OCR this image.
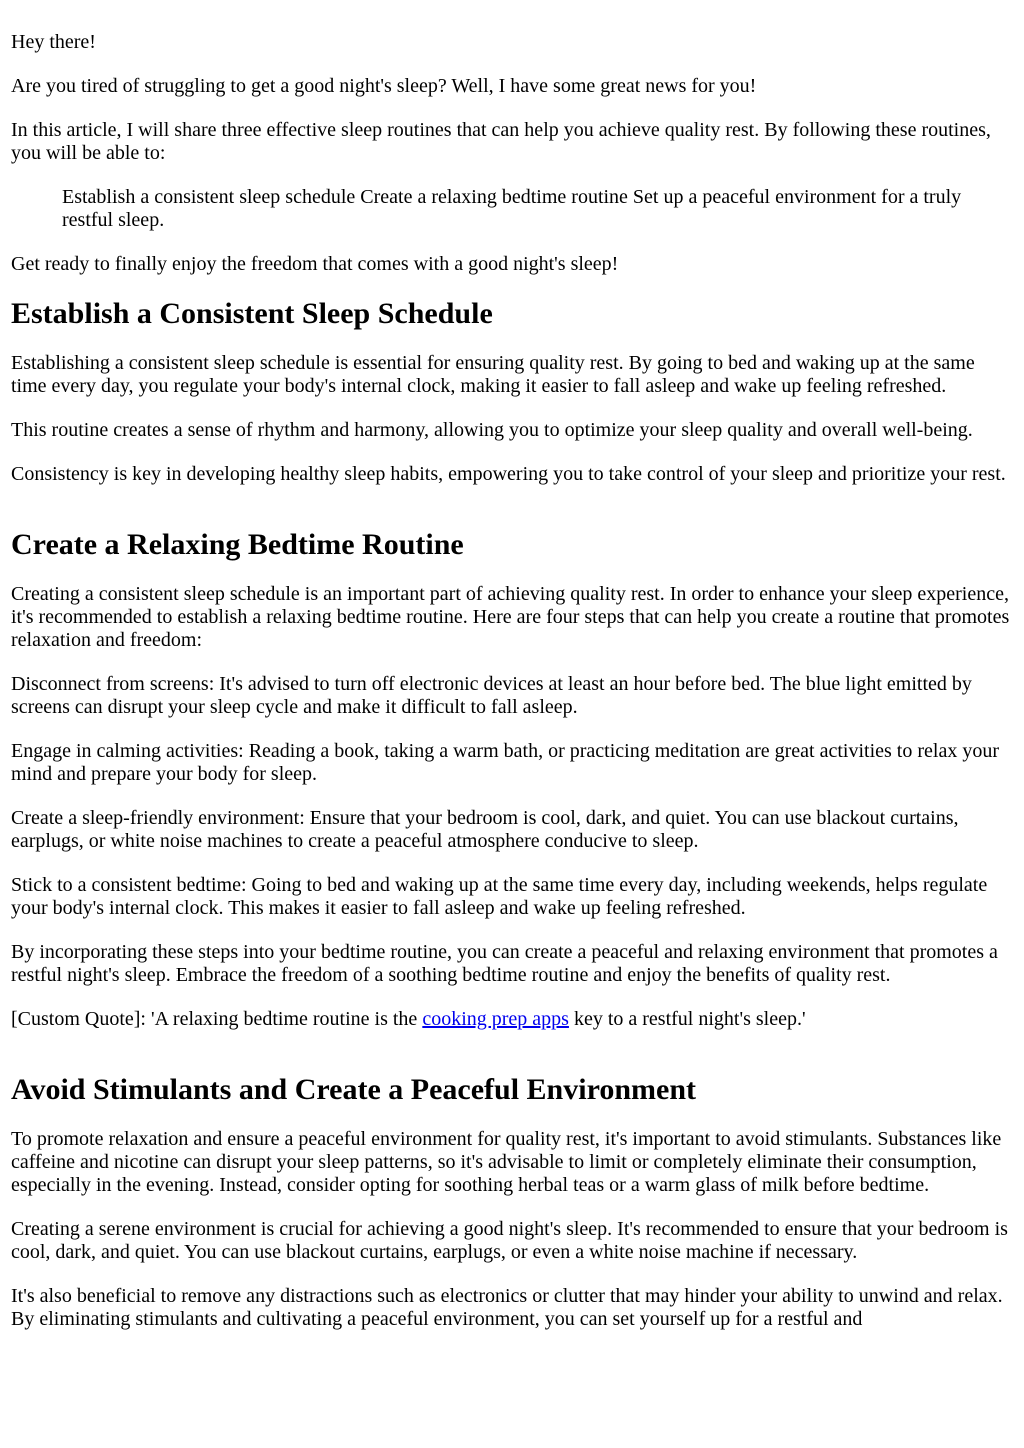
Hey there!

Are you tired of struggling to get a good night's sleep? Well, I have some great news for you!

In this article, I will share three effective sleep routines that can help you achieve quality rest. By following these routines, you will be able to:

Establish a consistent sleep schedule Create a relaxing bedtime routine Set up a peaceful environment for a truly restful sleep.

Get ready to finally enjoy the freedom that comes with a good night's sleep!

Establish a Consistent Sleep Schedule

Establishing a consistent sleep schedule is essential for ensuring quality rest. By going to bed and waking up at the same time every day, you regulate your body's internal clock, making it easier to fall asleep and wake up feeling refreshed.

This routine creates a sense of rhythm and harmony, allowing you to optimize your sleep quality and overall well-being.

Consistency is key in developing healthy sleep habits, empowering you to take control of your sleep and prioritize your rest.

Create a Relaxing Bedtime Routine

Creating a consistent sleep schedule is an important part of achieving quality rest. In order to enhance your sleep experience, it's recommended to establish a relaxing bedtime routine. Here are four steps that can help you create a routine that promotes relaxation and freedom:

Disconnect from screens: It's advised to turn off electronic devices at least an hour before bed. The blue light emitted by screens can disrupt your sleep cycle and make it difficult to fall asleep.

Engage in calming activities: Reading a book, taking a warm bath, or practicing meditation are great activities to relax your mind and prepare your body for sleep.

Create a sleep-friendly environment: Ensure that your bedroom is cool, dark, and quiet. You can use blackout curtains, earplugs, or white noise machines to create a peaceful atmosphere conducive to sleep.

Stick to a consistent bedtime: Going to bed and waking up at the same time every day, including weekends, helps regulate your body's internal clock. This makes it easier to fall asleep and wake up feeling refreshed.

By incorporating these steps into your bedtime routine, you can create a peaceful and relaxing environment that promotes a restful night's sleep. Embrace the freedom of a soothing bedtime routine and enjoy the benefits of quality rest.

[Custom Quote]: 'A relaxing bedtime routine is the cooking prep apps key to a restful night's sleep.'

Avoid Stimulants and Create a Peaceful Environment

To promote relaxation and ensure a peaceful environment for quality rest, it's important to avoid stimulants. Substances like caffeine and nicotine can disrupt your sleep patterns, so it's advisable to limit or completely eliminate their consumption, especially in the evening. Instead, consider opting for soothing herbal teas or a warm glass of milk before bedtime.

Creating a serene environment is crucial for achieving a good night's sleep. It's recommended to ensure that your bedroom is cool, dark, and quiet. You can use blackout curtains, earplugs, or even a white noise machine if necessary.

It's also beneficial to remove any distractions such as electronics or clutter that may hinder your ability to unwind and relax. By eliminating stimulants and cultivating a peaceful environment, you can set yourself up for a restful and
